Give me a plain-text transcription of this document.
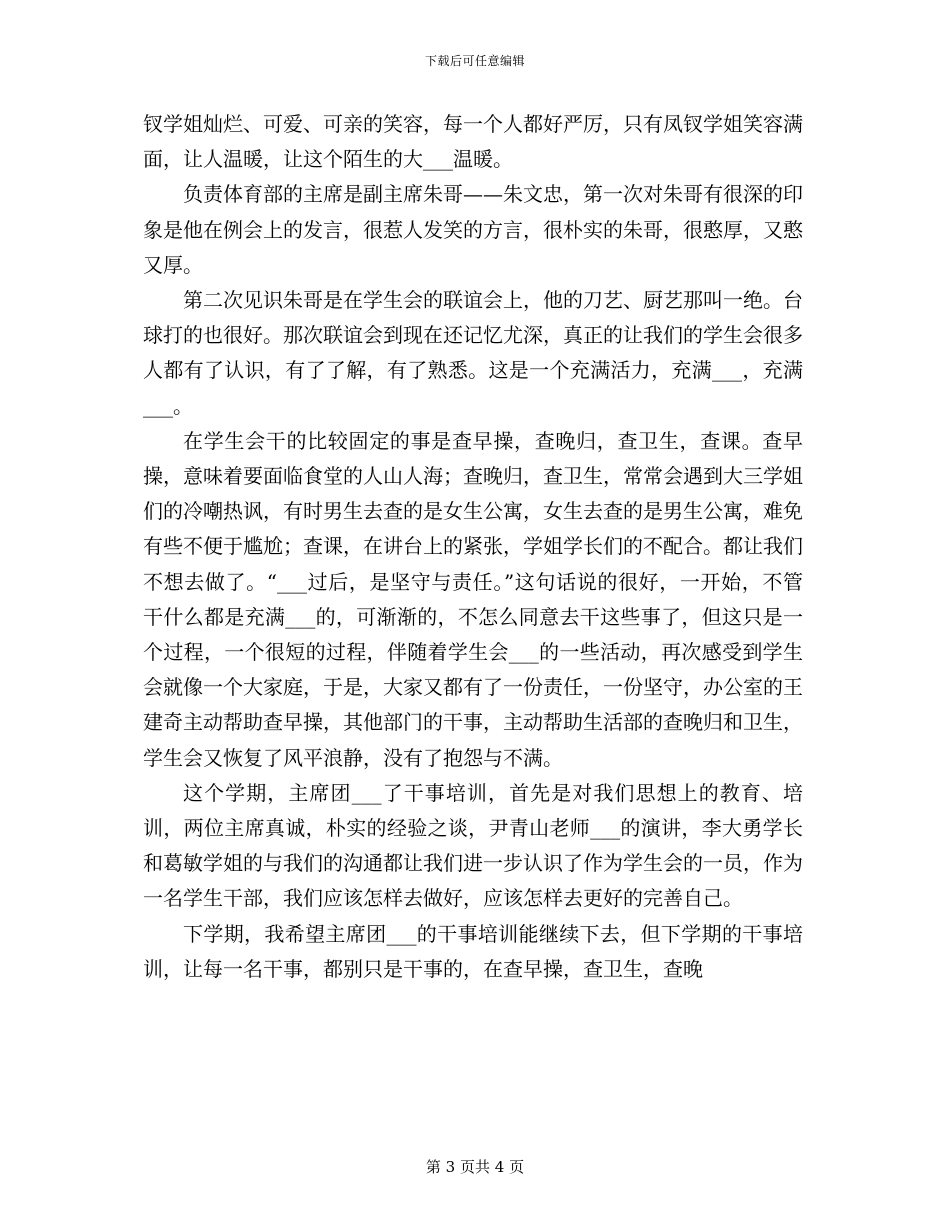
下载后可任意编辑

钗学姐灿烂、可爱、可亲的笑容，每一个人都好严厉，只有凤钗学姐笑容满面，让人温暖，让这个陌生的大___温暖。

负责体育部的主席是副主席朱哥——朱文忠，第一次对朱哥有很深的印象是他在例会上的发言，很惹人发笑的方言，很朴实的朱哥，很憨厚，又憨又厚。

第二次见识朱哥是在学生会的联谊会上，他的刀艺、厨艺那叫一绝。台球打的也很好。那次联谊会到现在还记忆尤深，真正的让我们的学生会很多人都有了认识，有了了解，有了熟悉。这是一个充满活力，充满___，充满___。

在学生会干的比较固定的事是查早操，查晚归，查卫生，查课。查早操，意味着要面临食堂的人山人海；查晚归，查卫生，常常会遇到大三学姐们的冷嘲热讽，有时男生去查的是女生公寓，女生去查的是男生公寓，难免有些不便于尴尬；查课，在讲台上的紧张，学姐学长们的不配合。都让我们不想去做了。“___过后，是坚守与责任。”这句话说的很好，一开始，不管干什么都是充满___的，可渐渐的，不怎么同意去干这些事了，但这只是一个过程，一个很短的过程，伴随着学生会___的一些活动，再次感受到学生会就像一个大家庭，于是，大家又都有了一份责任，一份坚守，办公室的王建奇主动帮助查早操，其他部门的干事，主动帮助生活部的查晚归和卫生，学生会又恢复了风平浪静，没有了抱怨与不满。

这个学期，主席团___了干事培训，首先是对我们思想上的教育、培训，两位主席真诚，朴实的经验之谈，尹青山老师___的演讲，李大勇学长和葛敏学姐的与我们的沟通都让我们进一步认识了作为学生会的一员，作为一名学生干部，我们应该怎样去做好，应该怎样去更好的完善自己。

下学期，我希望主席团___的干事培训能继续下去，但下学期的干事培训，让每一名干事，都别只是干事的，在查早操，查卫生，查晚

第 3 页共 4 页
